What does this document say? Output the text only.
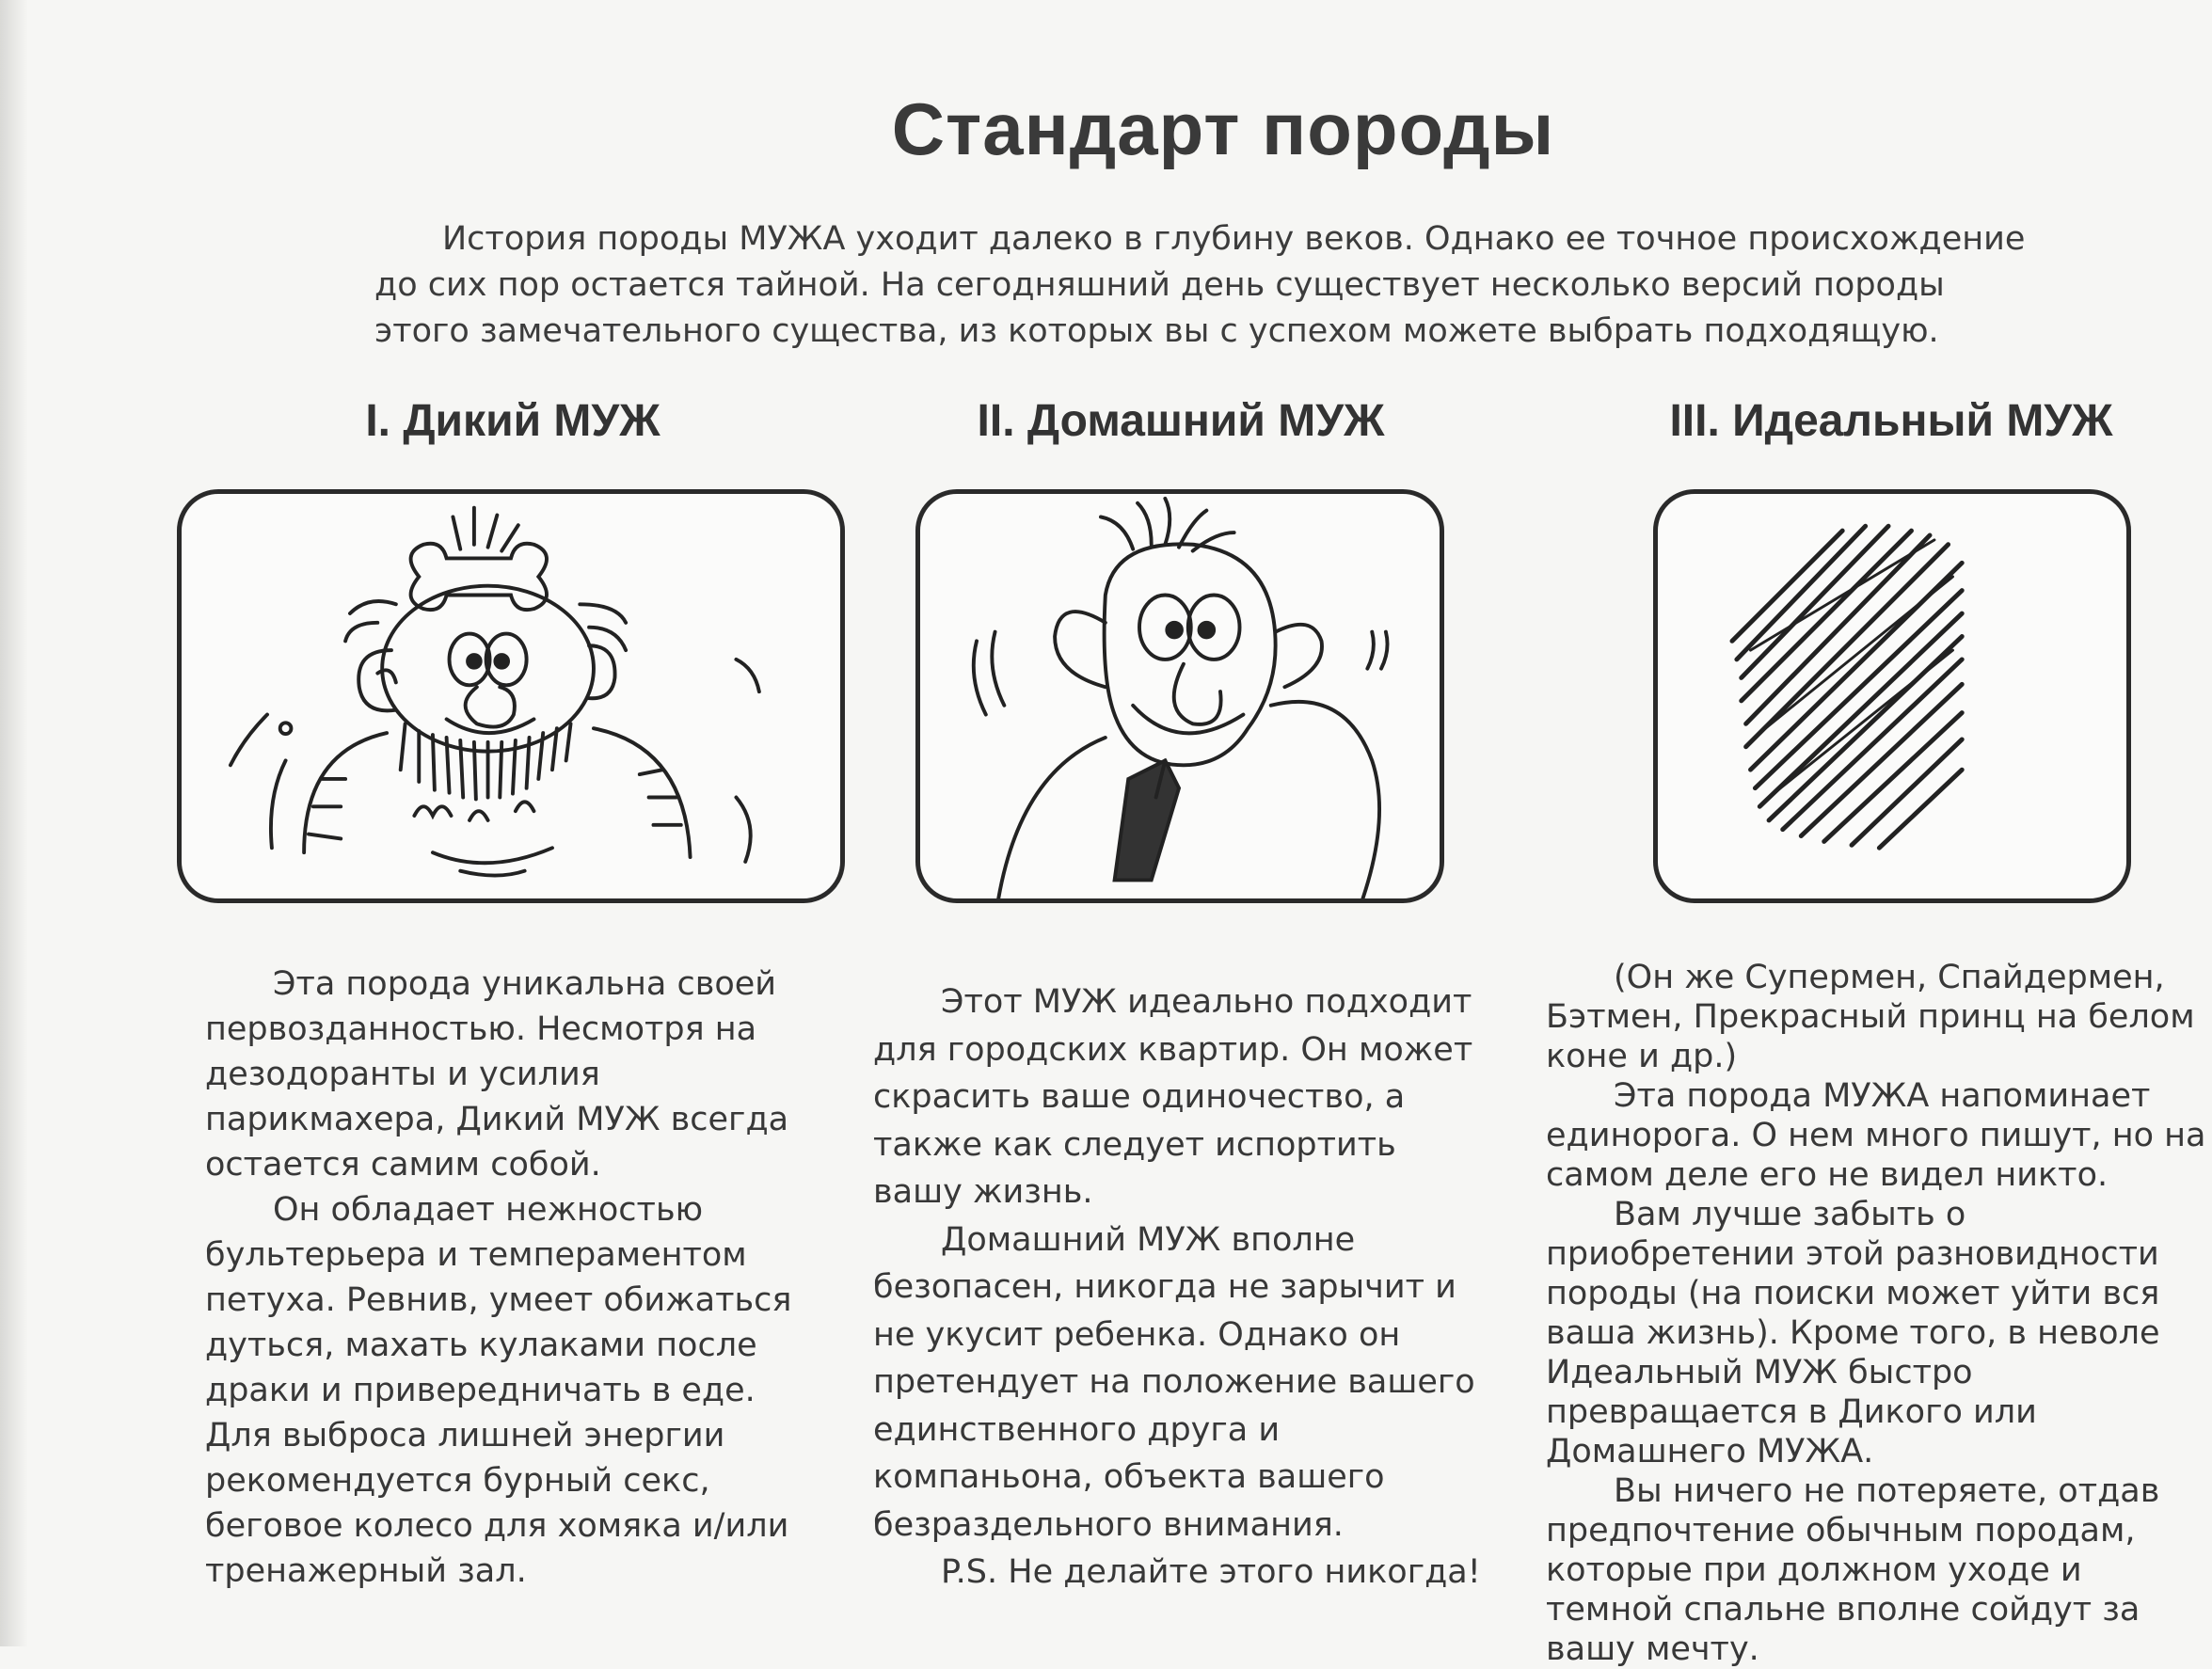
Стандарт породы

История породы МУЖА уходит далеко в глубину веков. Однако ее точное происхождение до сих пор остается тайной. На сегодняшний день существует несколько версий породы этого замечательного существа, из которых вы с успехом можете выбрать подходящую.

I. Дикий МУЖ

Эта порода уникальна своей первозданностью. Несмотря на дезодоранты и усилия парикмахера, Дикий МУЖ всегда остается самим собой.

Он обладает нежностью бультерьера и темпераментом петуха. Ревнив, умеет обижаться дуться, махать кулаками после драки и привередничать в еде. Для выброса лишней энергии рекомендуется бурный секс, беговое колесо для хомяка и/или тренажерный зал.

II. Домашний МУЖ

Этот МУЖ идеально подходит для городских квартир. Он может скрасить ваше одиночество, а также как следует испортить вашу жизнь.

Домашний МУЖ вполне безопасен, никогда не зарычит и не укусит ребенка. Однако он претендует на положение вашего единственного друга и компаньона, объекта вашего безраздельного внимания.

P.S. Не делайте этого никогда!

III. Идеальный МУЖ

(Он же Супермен, Спайдермен, Бэтмен, Прекрасный принц на белом коне и др.)

Эта порода МУЖА напоминает единорога. О нем много пишут, но на самом деле его не видел никто.

Вам лучше забыть о приобретении этой разновидности породы (на поиски может уйти вся ваша жизнь). Кроме того, в неволе Идеальный МУЖ быстро превращается в Дикого или Домашнего МУЖА.

Вы ничего не потеряете, отдав предпочтение обычным породам, которые при должном уходе и темной спальне вполне сойдут за вашу мечту.
